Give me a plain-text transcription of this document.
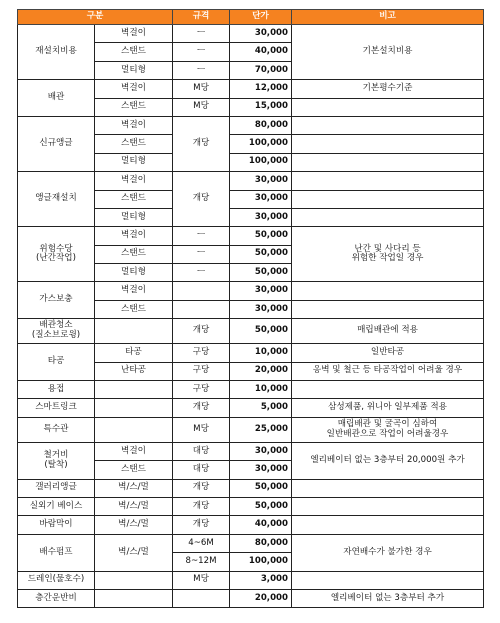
구분		규격	단가	비고
재설치비용	벽걸이	ㅡ	30,000	기본설치비용
	스탠드	ㅡ	40,000	
	멀티형	ㅡ	70,000	
배관	벽걸이	M당	12,000	기본평수기준
	스탠드	M당	15,000	
신규앵글	벽걸이	개당	80,000	
	스탠드		100,000	
	멀티형		100,000	
앵글재설치	벽걸이	개당	30,000	
	스탠드		30,000	
	멀티형		30,000	
위험수당
(난간작업)	벽걸이	ㅡ	50,000	난간 및 사다리 등
위험한 작업일 경우
	스탠드	ㅡ	50,000	
	멀티형	ㅡ	50,000	
가스보충	벽걸이		30,000	
	스탠드		30,000	
배관청소
(질소브로윙)		개당	50,000	매립배관에 적용
타공	타공	구당	10,000	일반타공
	난타공	구당	20,000	옹벽 및 철근 등 타공작업이 어려울 경우
용접		구당	10,000	
스마트링크		개당	5,000	삼성제품, 위니아 일부제품 적용
특수관		M당	25,000	매립배관 및 굴곡이 심하여
일반배관으로 작업이 어려울경우
철거비
(탈착)	벽걸이	대당	30,000	엘리베이터 없는 3층부터 20,000원 추가
	스탠드	대당	30,000	
갤러리앵글	벽/스/멀	개당	50,000	
실외기 베이스	벽/스/멀	개당	50,000	
바람막이	벽/스/멀	개당	40,000	
배수펌프	벽/스/멀	4~6M	80,000	자연배수가 불가한 경우
		8~12M	100,000	
드레인(물호수)		M당	3,000	
층간운반비			20,000	엘리베이터 없는 3층부터 추가
